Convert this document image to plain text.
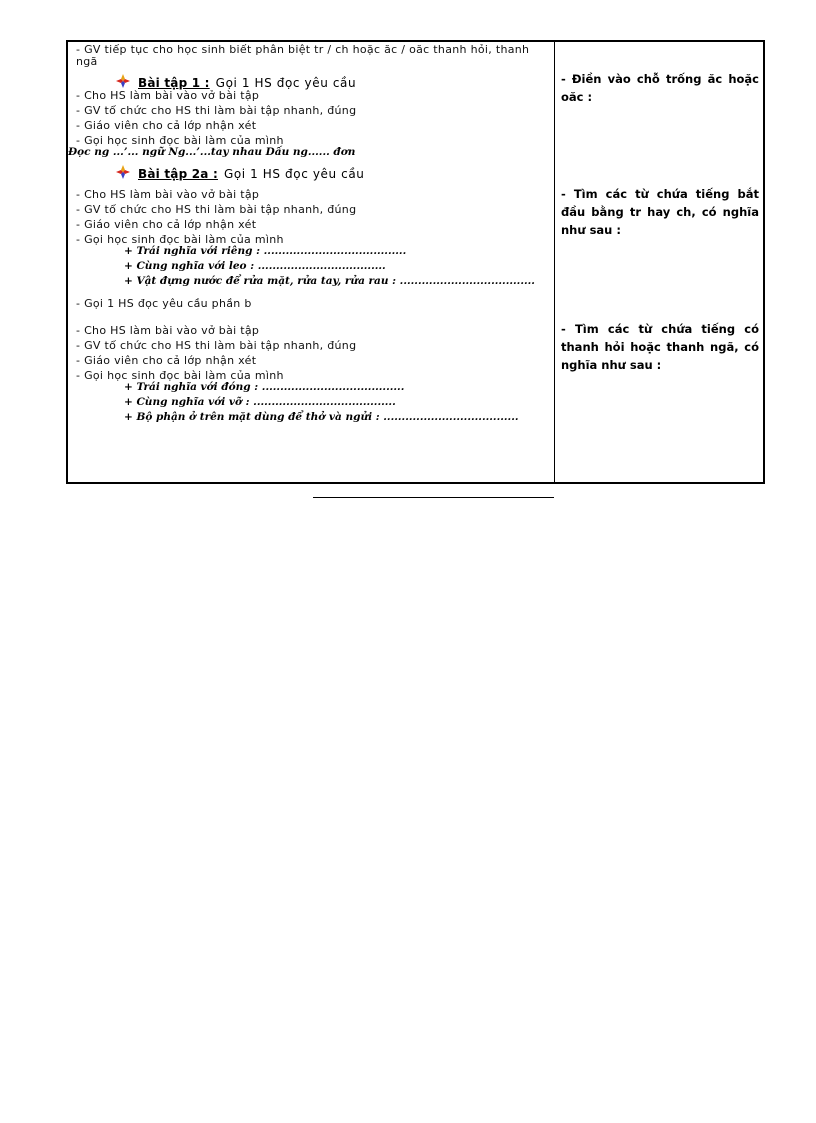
- GV tiếp tục cho học sinh biết phân biệt tr / ch hoặc ăc / oăc thanh hỏi, thanh ngã
Bài tập 1 : Gọi 1 HS đọc yêu cầu
- Cho HS làm bài vào vở bài tập
- GV tổ chức cho HS thi làm bài tập nhanh, đúng
- Giáo viên cho cả lớp nhận xét
- Gọi học sinh đọc bài làm của mình
Đọc ng ...’... ngữ Ng...’...tay nhau Dấu ng...... đơn
Bài tập 2a : Gọi 1 HS đọc yêu cầu
- Cho HS làm bài vào vở bài tập
- GV tổ chức cho HS thi làm bài tập nhanh, đúng
- Giáo viên cho cả lớp nhận xét
- Gọi học sinh đọc bài làm của mình
+ Trái nghĩa với riêng : .......................................
+ Cùng nghĩa với leo : ...................................
+ Vật đựng nước để rửa mặt, rửa tay, rửa rau : .....................................
- Gọi 1 HS đọc yêu cầu phần b
- Cho HS làm bài vào vở bài tập
- GV tổ chức cho HS thi làm bài tập nhanh, đúng
- Giáo viên cho cả lớp nhận xét
- Gọi học sinh đọc bài làm của mình
+ Trái nghĩa với đóng : .......................................
+ Cùng nghĩa với vỡ : .......................................
+ Bộ phận ở trên mặt dùng để thở và ngửi : .....................................
- Điền vào chỗ trống ăc hoặc oăc :
- Tìm các từ chứa tiếng bắt đầu bằng tr hay ch, có nghĩa như sau :
- Tìm các từ chứa tiếng có thanh hỏi hoặc thanh ngã, có nghĩa như sau :
